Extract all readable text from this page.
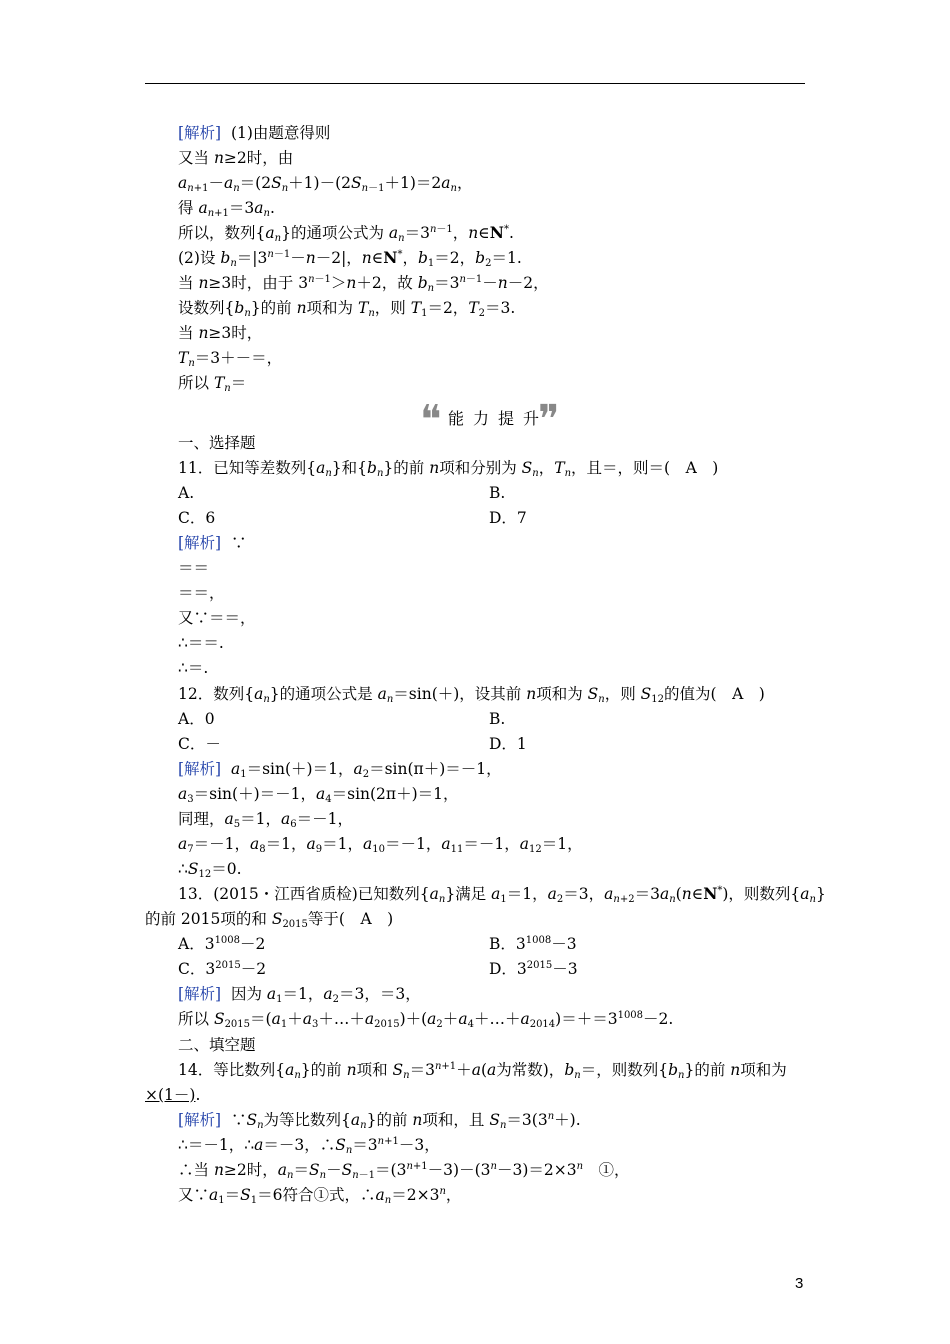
[解析] (1)由题意得则
又当 n≥2时，由
$a_{n+1}-a_n=(2S_n+1)-(2S_{n-1}+1)=2a_n$，
得 $a_{n+1}=3a_n$.
所以，数列$\{a_n\}$的通项公式为 $a_n=3^{n-1}$，n∈N*.
(2)设 $b_n=|3^{n-1}-n-2|$，n∈N*，$b_1=2$，$b_2=1$.
当 n≥3时，由于 $3^{n-1}>n+2$，故 $b_n=3^{n-1}-n-2$，
设数列$\{b_n\}$的前 n项和为 $T_n$，则 $T_1=2$，$T_2=3$.
当 n≥3时，
$T_n=3+-=$，
所以 $T_n=$
❝ 能力提升
❞
一、选择题
11．已知等差数列$\{a_n\}$和$\{b_n\}$的前 n项和分别为 $S_n$，$T_n$，且＝，则＝(　A　)
A.	B.
C．6	D．7
[解析] ∵
＝＝
＝＝，
又∵＝＝，
∴＝＝.
∴＝.
12．数列$\{a_n\}$的通项公式是 $a_n=\sin(+)$，设其前 n项和为 $S_n$，则 $S_{12}$的值为(　A　)
A．0	B.
C．－	D．1
[解析] $a_1=\sin(+)=1$，$a_2=\sin(\pi+)=-1$，
$a_3=\sin(+)=-1$，$a_4=\sin(2\pi+)=1$，
同理，$a_5=1$，$a_6=-1$，
$a_7=-1$，$a_8=1$，$a_9=1$，$a_{10}=-1$，$a_{11}=-1$，$a_{12}=1$，
$\therefore S_{12}=0$.
13．(2015・江西省质检)已知数列$\{a_n\}$满足 $a_1=1$，$a_2=3$，$a_{n+2}=3a_n(n\in N^*)$，则数列$\{a_n\}$
的前 2015项的和 $S_{2015}$等于(　A　)
A．$3^{1008}-2$	B．$3^{1008}-3$
C．$3^{2015}-2$	D．$3^{2015}-3$
[解析]  因为 $a_1=1$，$a_2=3$，＝3，
所以 $S_{2015}=(a_1+a_3+\dots+a_{2015})+(a_2+a_4+\dots+a_{2014})=+=3^{1008}-2$.
二、填空题
14．等比数列$\{a_n\}$的前 n项和 $S_n=3^{n+1}+a(a$为常数)，$b_n=$，则数列$\{b_n\}$的前 n项和为
×(1－).
[解析]  $\because S_n$为等比数列$\{a_n\}$的前 n项和，且 $S_n=3(3^n+)$.
∴＝－1，∴a＝－3，$\therefore S_n=3^{n+1}-3$，
∴当 n≥2时，$a_n=S_n-S_{n-1}=(3^{n+1}-3)-(3^n-3)=2\times 3^n$　①，
又$\because a_1=S_1=6$符合①式，$\therefore a_n=2\times 3^n$，
3
